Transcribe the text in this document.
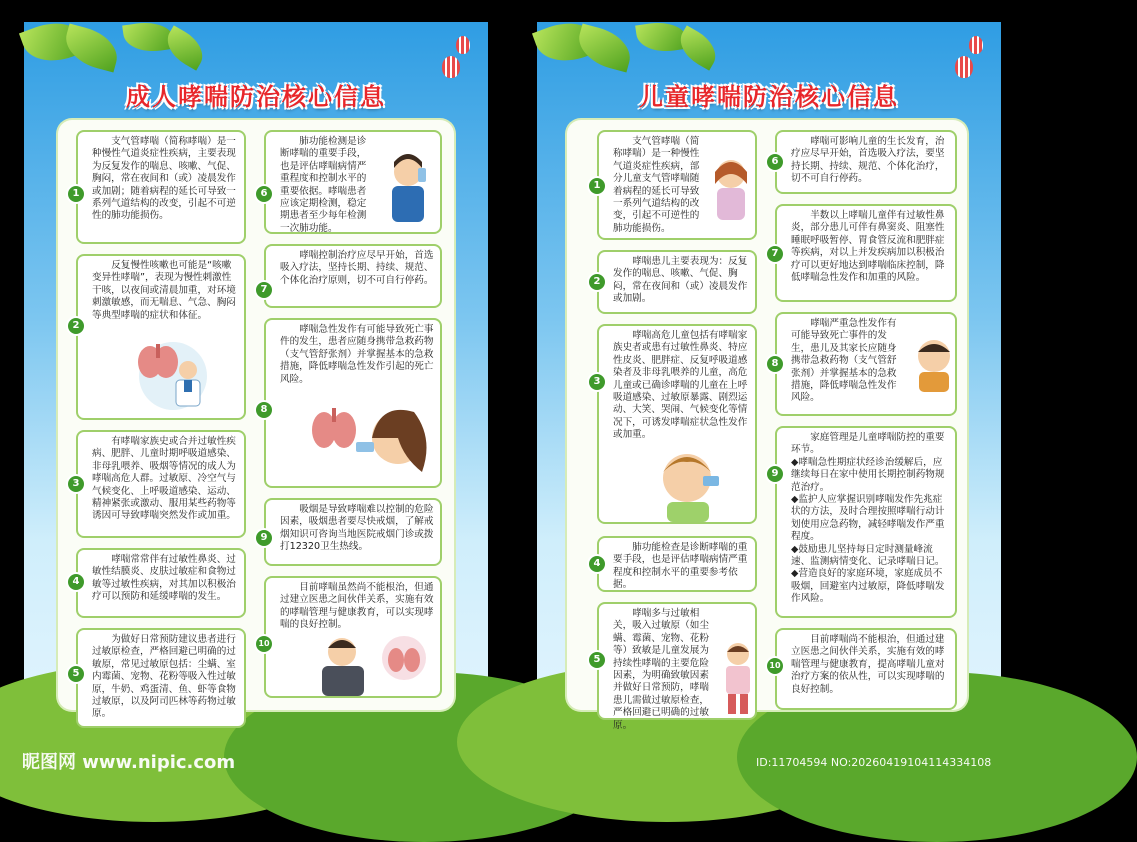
成人哮喘防治核心信息
支气管哮喘（简称哮喘）是一种慢性气道炎症性疾病，主要表现为反复发作的喘息、咳嗽、气促、胸闷，常在夜间和（或）凌晨发作或加剧；随着病程的延长可导致一系列气道结构的改变，引起不可逆性的肺功能损伤。
反复慢性咳嗽也可能是“咳嗽变异性哮喘”，表现为慢性刺激性干咳，以夜间或清晨加重，对环境刺激敏感，而无喘息、气急、胸闷等典型哮喘的症状和体征。
有哮喘家族史或合并过敏性疾病、肥胖、儿童时期呼吸道感染、非母乳喂养、吸烟等情况的成人为哮喘高危人群。过敏原、冷空气与气候变化、上呼吸道感染、运动、精神紧张或激动、服用某些药物等诱因可导致哮喘突然发作或加重。
哮喘常常伴有过敏性鼻炎、过敏性结膜炎、皮肤过敏症和食物过敏等过敏性疾病，对其加以积极治疗可以预防和延缓哮喘的发生。
为做好日常预防建议患者进行过敏原检查，严格回避已明确的过敏原，常见过敏原包括：尘螨、室内霉菌、宠物、花粉等吸入性过敏原，牛奶、鸡蛋清、鱼、虾等食物过敏原，以及阿司匹林等药物过敏原。
肺功能检测是诊断哮喘的重要手段，也是评估哮喘病情严重程度和控制水平的重要依据。哮喘患者应该定期检测，稳定期患者至少每年检测一次肺功能。
哮喘控制治疗应尽早开始，首选吸入疗法，坚持长期、持续、规范、个体化治疗原则，切不可自行停药。
哮喘急性发作有可能导致死亡事件的发生，患者应随身携带急救药物（支气管舒张剂）并掌握基本的急救措施，降低哮喘急性发作引起的死亡风险。
吸烟是导致哮喘难以控制的危险因素，吸烟患者要尽快戒烟，了解戒烟知识可咨询当地医院戒烟门诊或拨打12320卫生热线。
目前哮喘虽然尚不能根治，但通过建立医患之间伙伴关系，实施有效的哮喘管理与健康教育，可以实现哮喘的良好控制。
1
2
3
4
5
6
7
8
9
10
儿童哮喘防治核心信息
支气管哮喘（简称哮喘）是一种慢性气道炎症性疾病，部分儿童支气管哮喘随着病程的延长可导致一系列气道结构的改变，引起不可逆性的肺功能损伤。
哮喘患儿主要表现为：反复发作的喘息、咳嗽、气促、胸闷，常在夜间和（或）凌晨发作或加剧。
哮喘高危儿童包括有哮喘家族史者或患有过敏性鼻炎、特应性皮炎、肥胖症、反复呼吸道感染者及非母乳喂养的儿童，高危儿童或已确诊哮喘的儿童在上呼吸道感染、过敏原暴露、剧烈运动、大笑、哭闹、气候变化等情况下，可诱发哮喘症状急性发作或加重。
肺功能检查是诊断哮喘的重要手段，也是评估哮喘病情严重程度和控制水平的重要参考依据。
哮喘多与过敏相关，吸入过敏原（如尘螨、霉菌、宠物、花粉等）致敏是儿童发展为持续性哮喘的主要危险因素，为明确致敏因素并做好日常预防，哮喘患儿需做过敏原检查，严格回避已明确的过敏原。
哮喘可影响儿童的生长发育，治疗应尽早开始，首选吸入疗法，要坚持长期、持续、规范、个体化治疗，切不可自行停药。
半数以上哮喘儿童伴有过敏性鼻炎，部分患儿可伴有鼻窦炎、阻塞性睡眠呼吸暂停、胃食管反流和肥胖症等疾病，对以上并发疾病加以积极治疗可以更好地达到哮喘临床控制，降低哮喘急性发作和加重的风险。
哮喘严重急性发作有可能导致死亡事件的发生，患儿及其家长应随身携带急救药物（支气管舒张剂）并掌握基本的急救措施，降低哮喘急性发作风险。
家庭管理是儿童哮喘防控的重要环节。
◆哮喘急性期症状经诊治缓解后，应继续每日在家中使用长期控制药物规范治疗。
◆监护人应掌握识别哮喘发作先兆症状的方法，及时合理按照哮喘行动计划使用应急药物，减轻哮喘发作严重程度。
◆鼓励患儿坚持每日定时测量峰流速、监测病情变化、记录哮喘日记。
◆营造良好的家庭环境，家庭成员不吸烟，回避室内过敏原，降低哮喘发作风险。
目前哮喘尚不能根治，但通过建立医患之间伙伴关系，实施有效的哮喘管理与健康教育，提高哮喘儿童对治疗方案的依从性，可以实现哮喘的良好控制。
1
2
3
4
5
6
7
8
9
10
昵图网 www.nipic.com	ID:11704594 NO:20260419104114334108
